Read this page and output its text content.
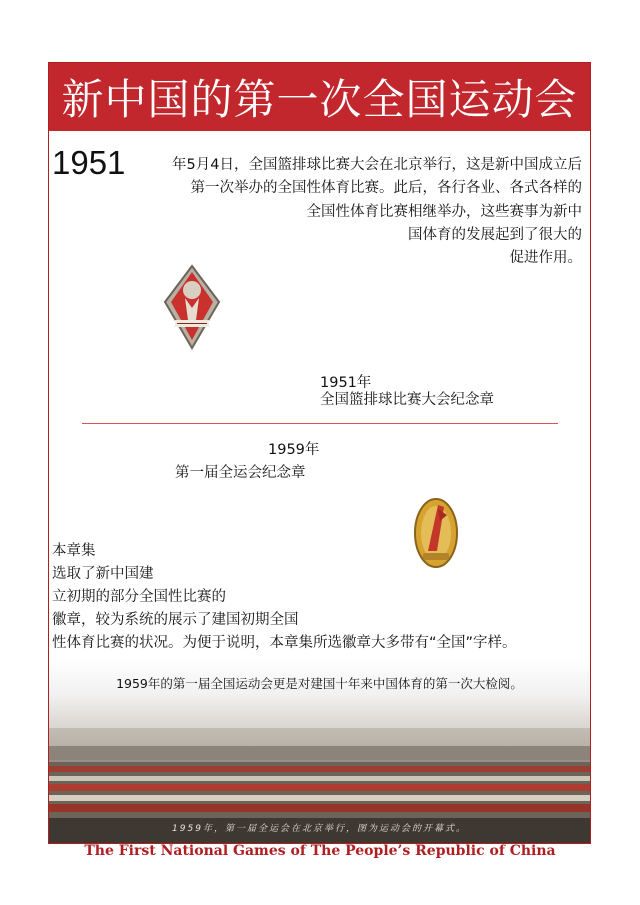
新中国的第一次全国运动会
1951	年5月4日，全国篮排球比赛大会在北京举行，这是新中国成立后
第一次举办的全国性体育比赛。此后，各行各业、各式各样的
全国性体育比赛相继举办，这些赛事为新中
国体育的发展起到了很大的
促进作用。
1951年
全国篮排球比赛大会纪念章
1959年
第一届全运会纪念章
本章集
选取了新中国建
立初期的部分全国性比赛的
徽章，较为系统的展示了建国初期全国
性体育比赛的状况。为便于说明，本章集所选徽章大多带有“全国”字样。
1959年的第一届全国运动会更是对建国十年来中国体育的第一次大检阅。
1959年，第一届全运会在北京举行，图为运动会的开幕式。
The First National Games of The People’s Republic of China
